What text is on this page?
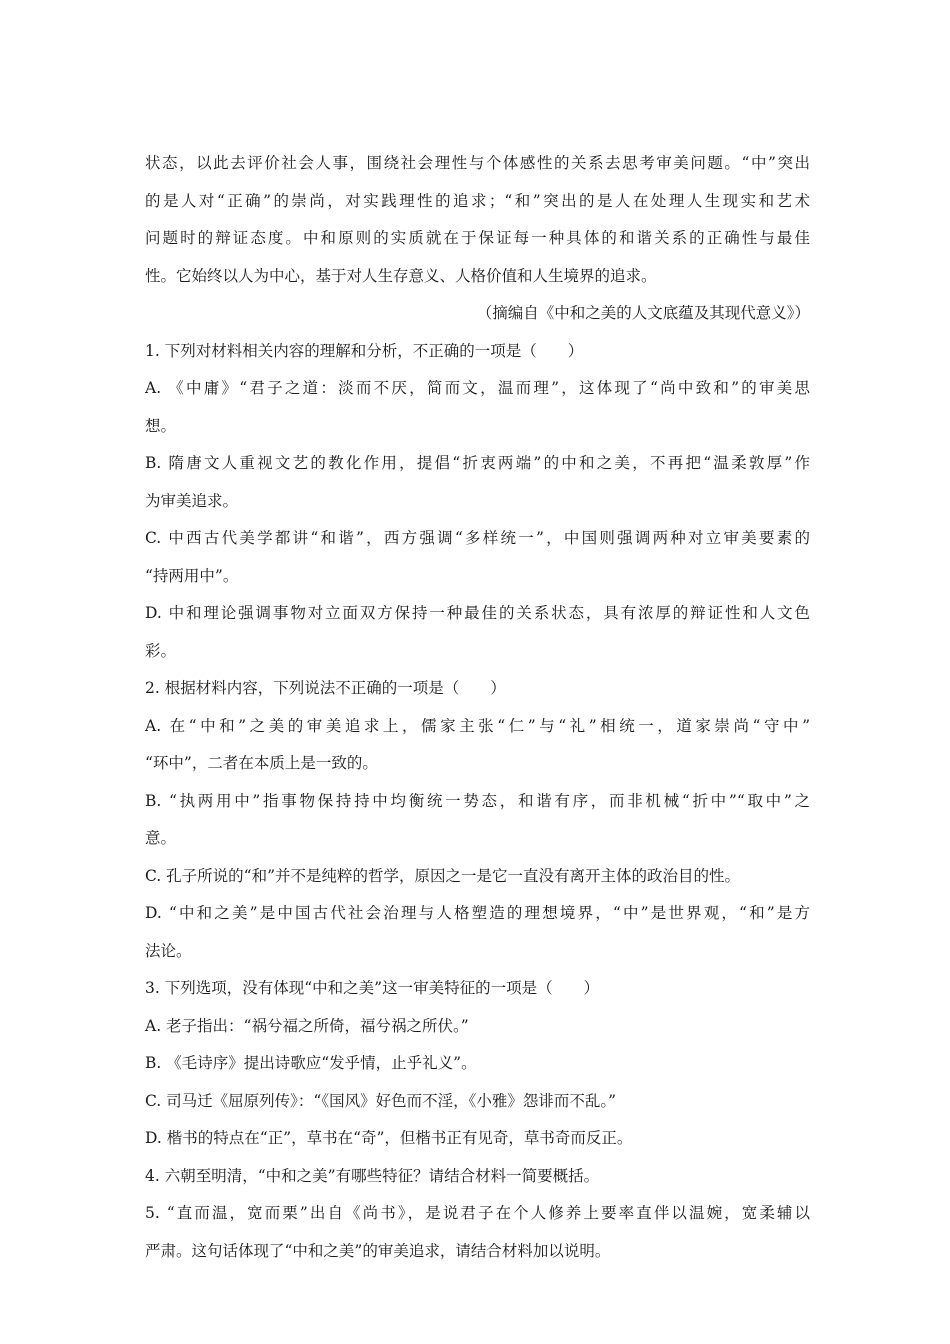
状态，以此去评价社会人事，围绕社会理性与个体感性的关系去思考审美问题。“中”突出
的是人对“正确”的崇尚，对实践理性的追求；“和”突出的是人在处理人生现实和艺术
问题时的辩证态度。中和原则的实质就在于保证每一种具体的和谐关系的正确性与最佳
性。它始终以人为中心，基于对人生存意义、人格价值和人生境界的追求。
（摘编自《中和之美的人文底蕴及其现代意义》）
1. 下列对材料相关内容的理解和分析，不正确的一项是（　　）
A. 《中庸》“君子之道：淡而不厌，简而文，温而理”，这体现了“尚中致和”的审美思
想。
B. 隋唐文人重视文艺的教化作用，提倡“折衷两端”的中和之美，不再把“温柔敦厚”作
为审美追求。
C. 中西古代美学都讲“和谐”，西方强调“多样统一”，中国则强调两种对立审美要素的
“持两用中”。
D. 中和理论强调事物对立面双方保持一种最佳的关系状态，具有浓厚的辩证性和人文色
彩。
2. 根据材料内容，下列说法不正确的一项是（　　）
A. 在“中和”之美的审美追求上，儒家主张“仁”与“礼”相统一，道家崇尚“守中”
“环中”，二者在本质上是一致的。
B. “执两用中”指事物保持持中均衡统一势态，和谐有序，而非机械“折中”“取中”之
意。
C. 孔子所说的“和”并不是纯粹的哲学，原因之一是它一直没有离开主体的政治目的性。
D. “中和之美”是中国古代社会治理与人格塑造的理想境界，“中”是世界观，“和”是方
法论。
3. 下列选项，没有体现“中和之美”这一审美特征的一项是（　　）
A. 老子指出：“祸兮福之所倚，福兮祸之所伏。”
B. 《毛诗序》提出诗歌应“发乎情，止乎礼义”。
C. 司马迁《屈原列传》：“《国风》好色而不淫，《小雅》怨诽而不乱。”
D. 楷书的特点在“正”，草书在“奇”，但楷书正有见奇，草书奇而反正。
4. 六朝至明清，“中和之美”有哪些特征？请结合材料一简要概括。
5. “直而温，宽而栗”出自《尚书》，是说君子在个人修养上要率直伴以温婉，宽柔辅以
严肃。这句话体现了“中和之美”的审美追求，请结合材料加以说明。
